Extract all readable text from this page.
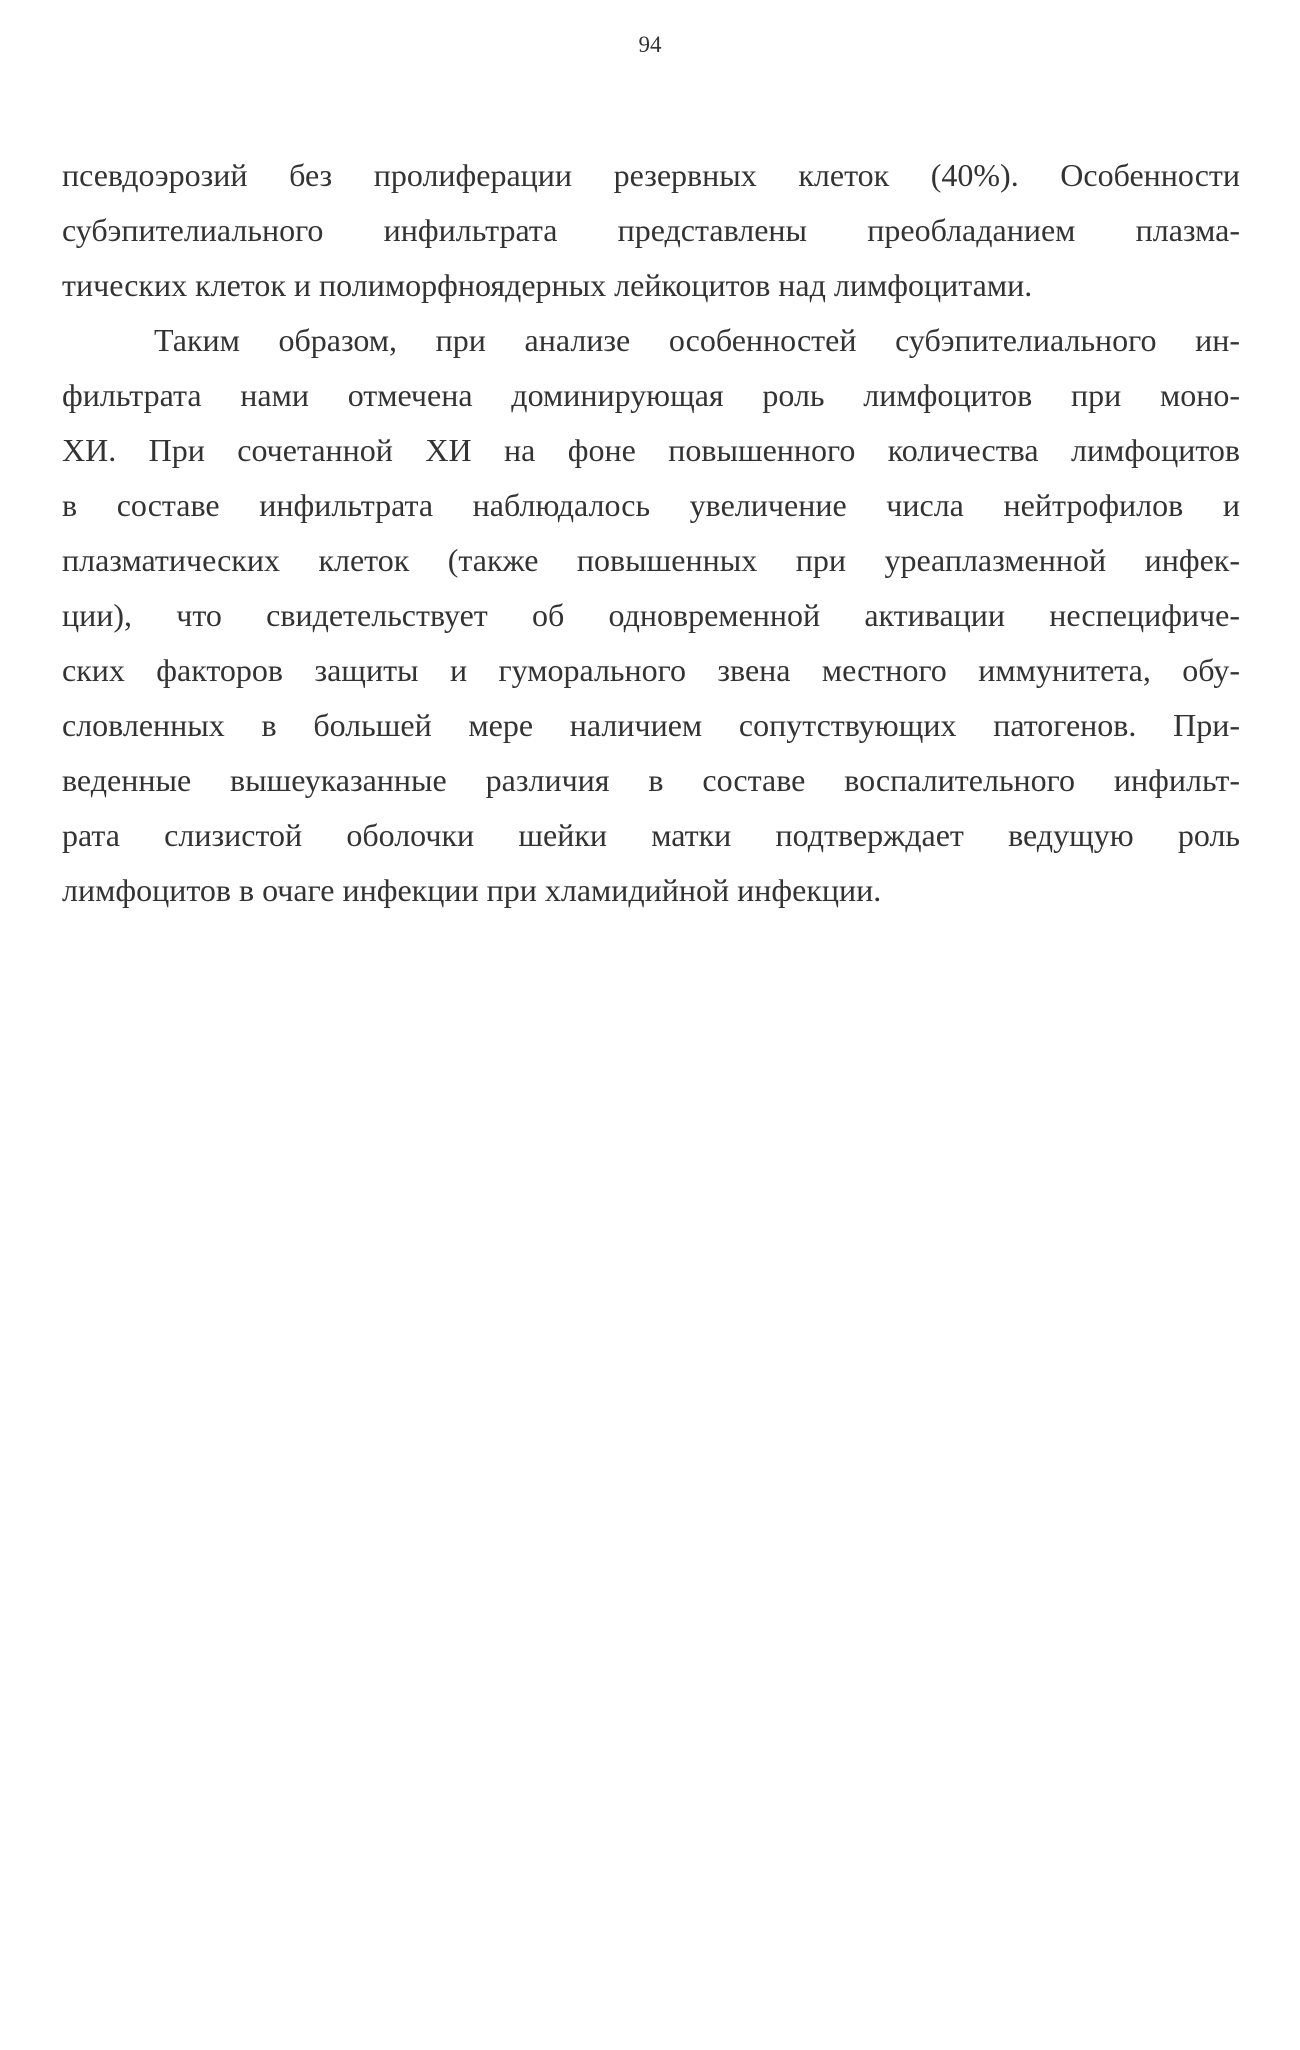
94
псевдоэрозий без пролиферации резервных клеток (40%). Особенности
субэпителиального инфильтрата представлены преобладанием плазма-
тических клеток и полиморфноядерных лейкоцитов над лимфоцитами.
Таким образом, при анализе особенностей субэпителиального ин-
фильтрата нами отмечена доминирующая роль лимфоцитов при моно-
ХИ. При сочетанной ХИ на фоне повышенного количества лимфоцитов
в составе инфильтрата наблюдалось увеличение числа нейтрофилов и
плазматических клеток (также повышенных при уреаплазменной инфек-
ции), что свидетельствует об одновременной активации неспецифиче-
ских факторов защиты и гуморального звена местного иммунитета, обу-
словленных в большей мере наличием сопутствующих патогенов. При-
веденные вышеуказанные различия в составе воспалительного инфильт-
рата слизистой оболочки шейки матки подтверждает ведущую роль
лимфоцитов в очаге инфекции при хламидийной инфекции.
